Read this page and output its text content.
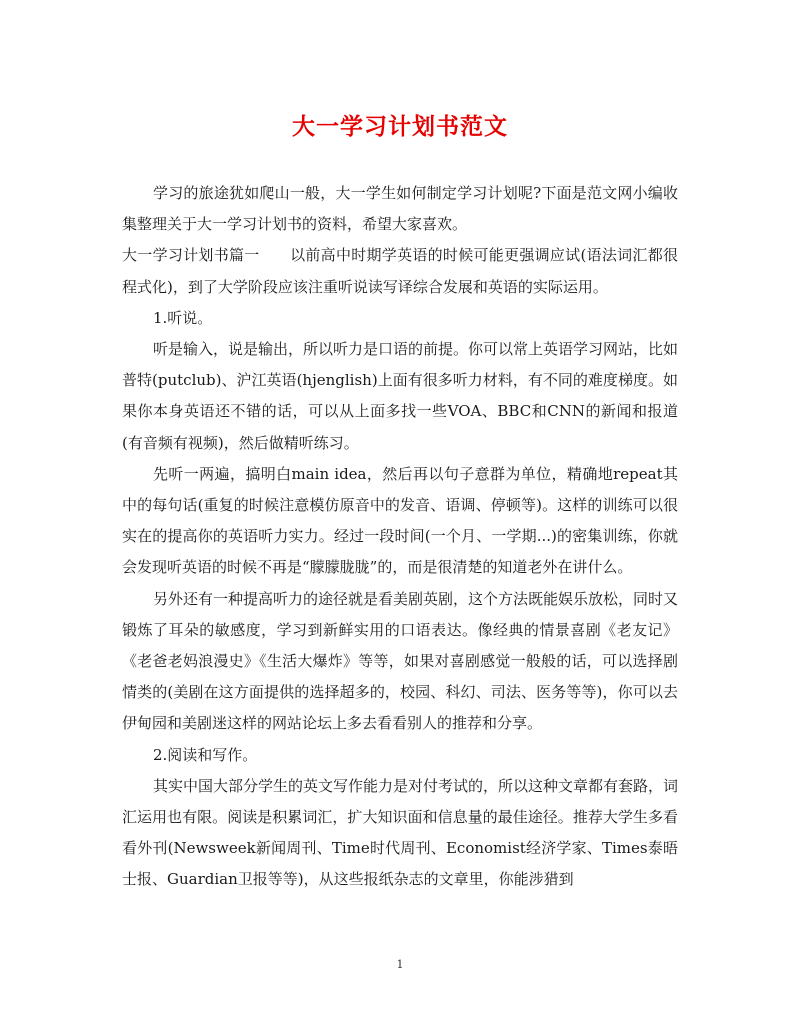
大一学习计划书范文

学习的旅途犹如爬山一般，大一学生如何制定学习计划呢?下面是范文网小编收集整理关于大一学习计划书的资料，希望大家喜欢。

大一学习计划书篇一　　以前高中时期学英语的时候可能更强调应试(语法词汇都很程式化)，到了大学阶段应该注重听说读写译综合发展和英语的实际运用。

1.听说。

听是输入，说是输出，所以听力是口语的前提。你可以常上英语学习网站，比如普特(putclub)、沪江英语(hjenglish)上面有很多听力材料，有不同的难度梯度。如果你本身英语还不错的话，可以从上面多找一些VOA、BBC和CNN的新闻和报道(有音频有视频)，然后做精听练习。

先听一两遍，搞明白main idea，然后再以句子意群为单位，精确地repeat其中的每句话(重复的时候注意模仿原音中的发音、语调、停顿等)。这样的训练可以很实在的提高你的英语听力实力。经过一段时间(一个月、一学期...)的密集训练，你就会发现听英语的时候不再是“朦朦胧胧”的，而是很清楚的知道老外在讲什么。

另外还有一种提高听力的途径就是看美剧英剧，这个方法既能娱乐放松，同时又锻炼了耳朵的敏感度，学习到新鲜实用的口语表达。像经典的情景喜剧《老友记》《老爸老妈浪漫史》《生活大爆炸》等等，如果对喜剧感觉一般般的话，可以选择剧情类的(美剧在这方面提供的选择超多的，校园、科幻、司法、医务等等)，你可以去伊甸园和美剧迷这样的网站论坛上多去看看别人的推荐和分享。

2.阅读和写作。

其实中国大部分学生的英文写作能力是对付考试的，所以这种文章都有套路，词汇运用也有限。阅读是积累词汇，扩大知识面和信息量的最佳途径。推荐大学生多看看外刊(Newsweek新闻周刊、Time时代周刊、Economist经济学家、Times泰晤士报、Guardian卫报等等)，从这些报纸杂志的文章里，你能涉猎到

1
